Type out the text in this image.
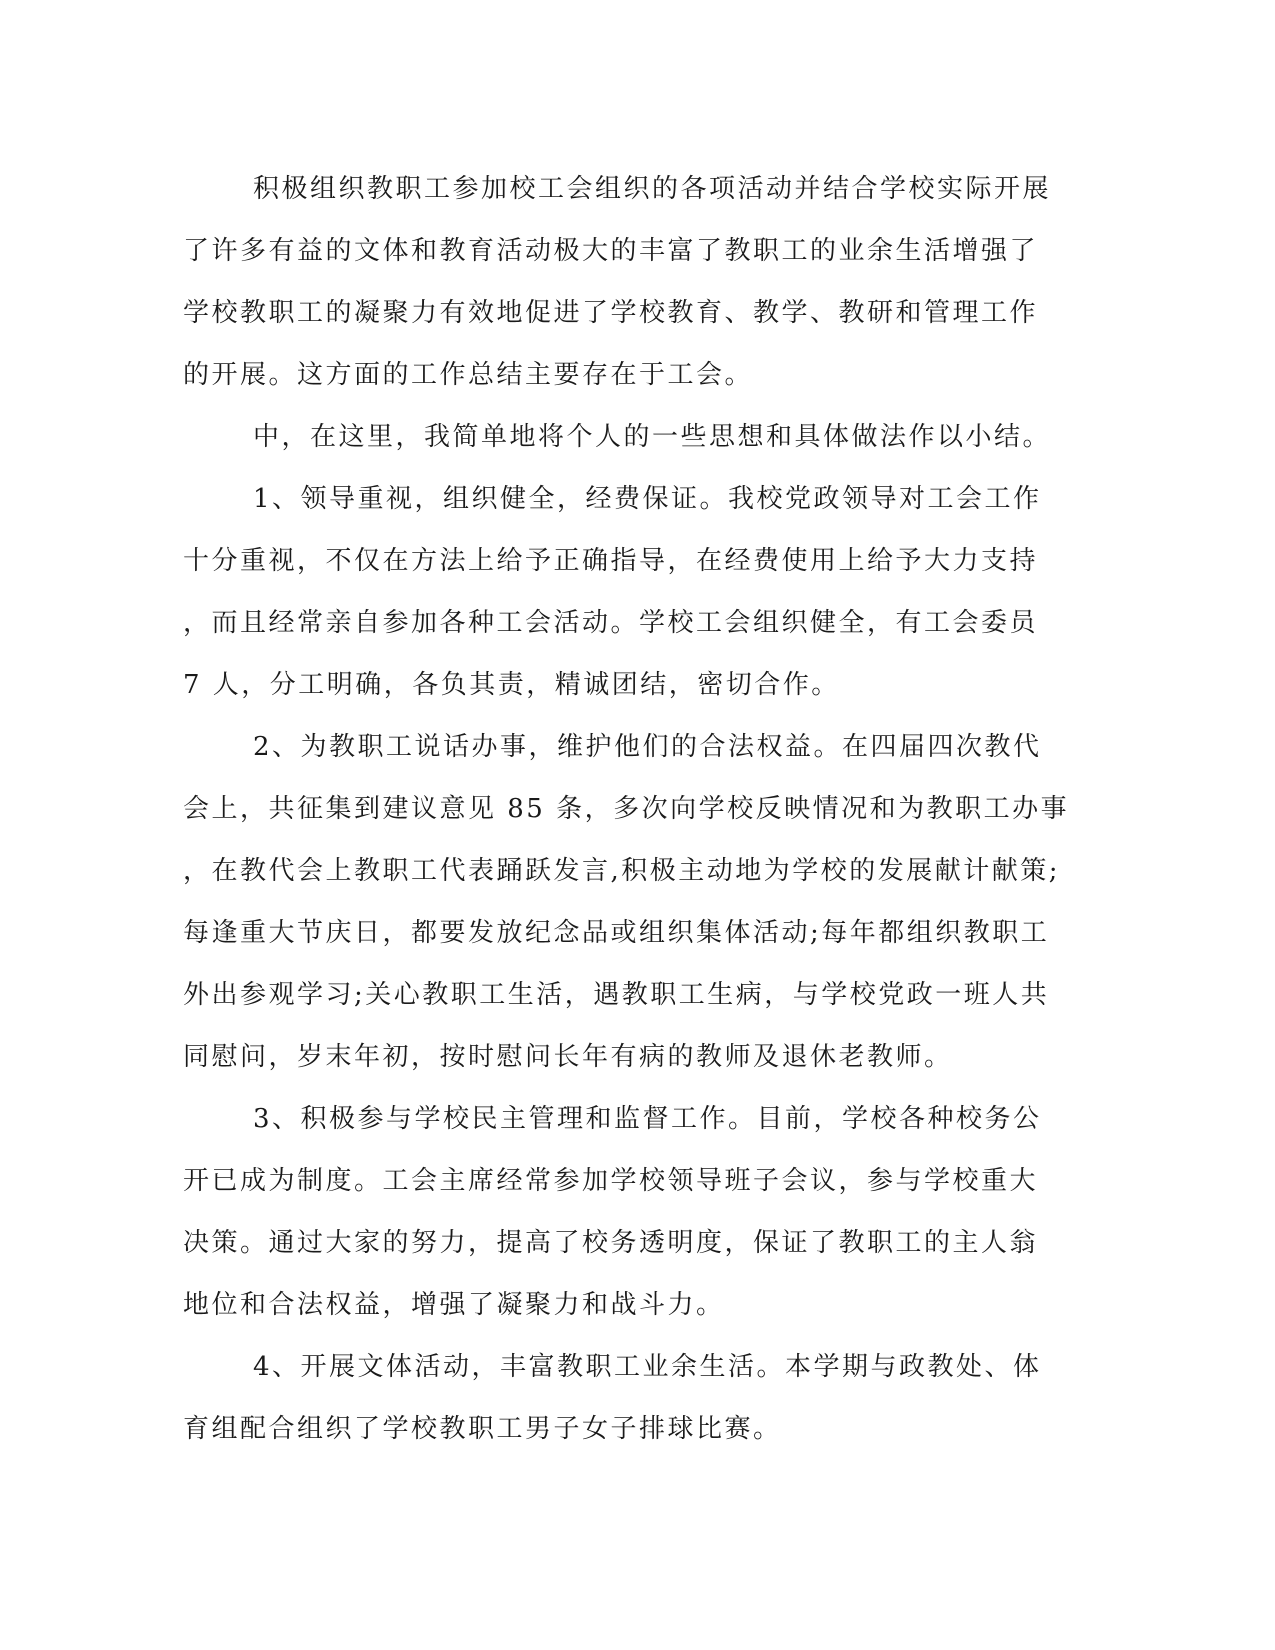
积极组织教职工参加校工会组织的各项活动并结合学校实际开展
了许多有益的文体和教育活动极大的丰富了教职工的业余生活增强了
学校教职工的凝聚力有效地促进了学校教育、教学、教研和管理工作
的开展。这方面的工作总结主要存在于工会。
中，在这里，我简单地将个人的一些思想和具体做法作以小结。
1、领导重视，组织健全，经费保证。我校党政领导对工会工作
十分重视，不仅在方法上给予正确指导，在经费使用上给予大力支持
，而且经常亲自参加各种工会活动。学校工会组织健全，有工会委员
7 人，分工明确，各负其责，精诚团结，密切合作。
2、为教职工说话办事，维护他们的合法权益。在四届四次教代
会上，共征集到建议意见 85 条，多次向学校反映情况和为教职工办事
，在教代会上教职工代表踊跃发言,积极主动地为学校的发展献计献策;
每逢重大节庆日，都要发放纪念品或组织集体活动;每年都组织教职工
外出参观学习;关心教职工生活，遇教职工生病，与学校党政一班人共
同慰问，岁末年初，按时慰问长年有病的教师及退休老教师。
3、积极参与学校民主管理和监督工作。目前，学校各种校务公
开已成为制度。工会主席经常参加学校领导班子会议，参与学校重大
决策。通过大家的努力，提高了校务透明度，保证了教职工的主人翁
地位和合法权益，增强了凝聚力和战斗力。
4、开展文体活动，丰富教职工业余生活。本学期与政教处、体
育组配合组织了学校教职工男子女子排球比赛。
